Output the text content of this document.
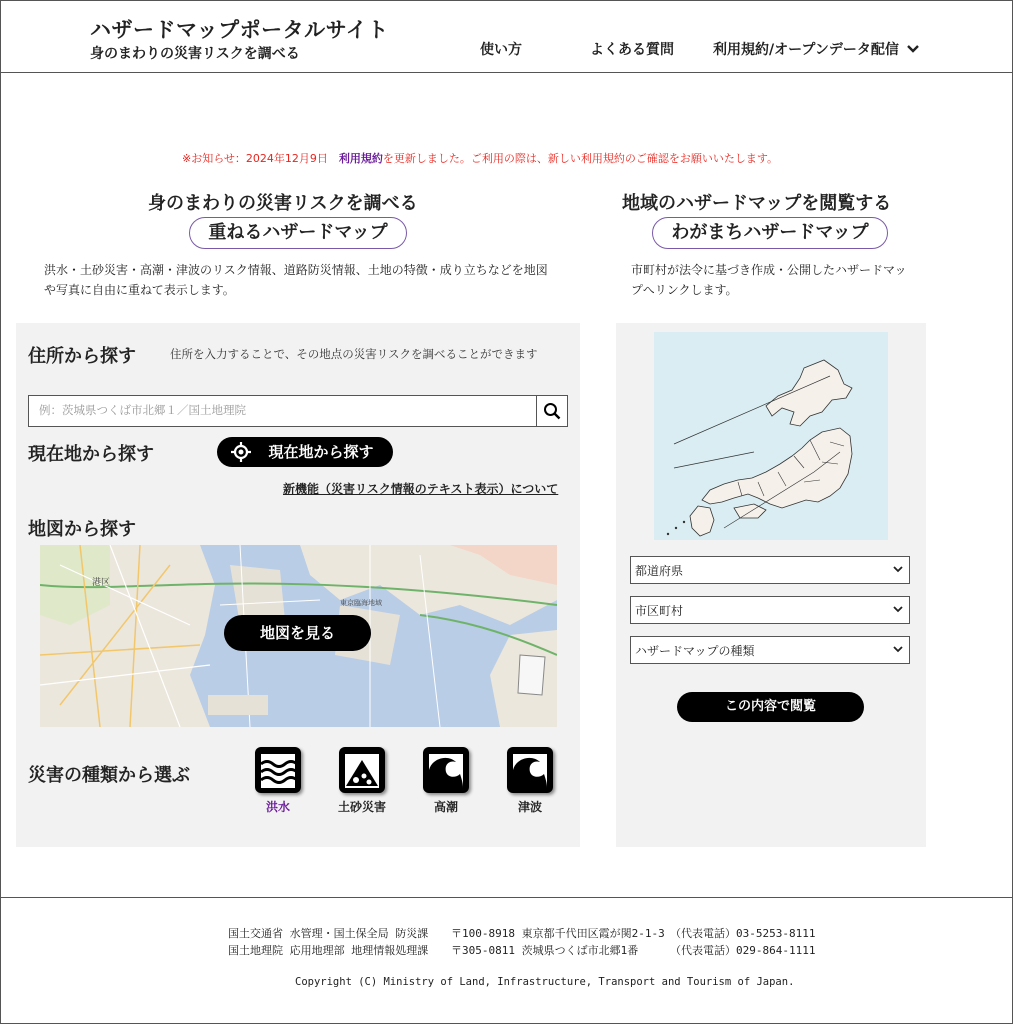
ハザードマップポータルサイト
身のまわりの災害リスクを調べる	使い方	よくある質問	利用規約/オープンデータ配信
※お知らせ：2024年12月9日　利用規約を更新しました。ご利用の際は、新しい利用規約のご確認をお願いいたします。
身のまわりの災害リスクを調べる
重ねるハザードマップ
洪水・土砂災害・高潮・津波のリスク情報、道路防災情報、土地の特徴・成り立ちなどを地図や写真に自由に重ねて表示します。
地域のハザードマップを閲覧する
わがまちハザードマップ
市町村が法令に基づき作成・公開したハザードマップへリンクします。
住所から探す	住所を入力することで、その地点の災害リスクを調べることができます
例：茨城県つくば市北郷１／国土地理院
現在地から探す	現在地から探す
新機能（災害リスク情報のテキスト表示）について
地図から探す
港区
東京臨海地域
地図を見る
災害の種類から選ぶ
洪水	土砂災害	高潮	津波
都道府県
市区町村
ハザードマップの種類
この内容で閲覧
国土交通省 水管理・国土保全局 防災課 〒100-8918 東京都千代田区霞が関2-1-3 （代表電話）03-5253-8111
国土地理院 応用地理部 地理情報処理課 〒305-0811 茨城県つくば市北郷1番	（代表電話）029-864-1111
Copyright (C) Ministry of Land, Infrastructure, Transport and Tourism of Japan.
